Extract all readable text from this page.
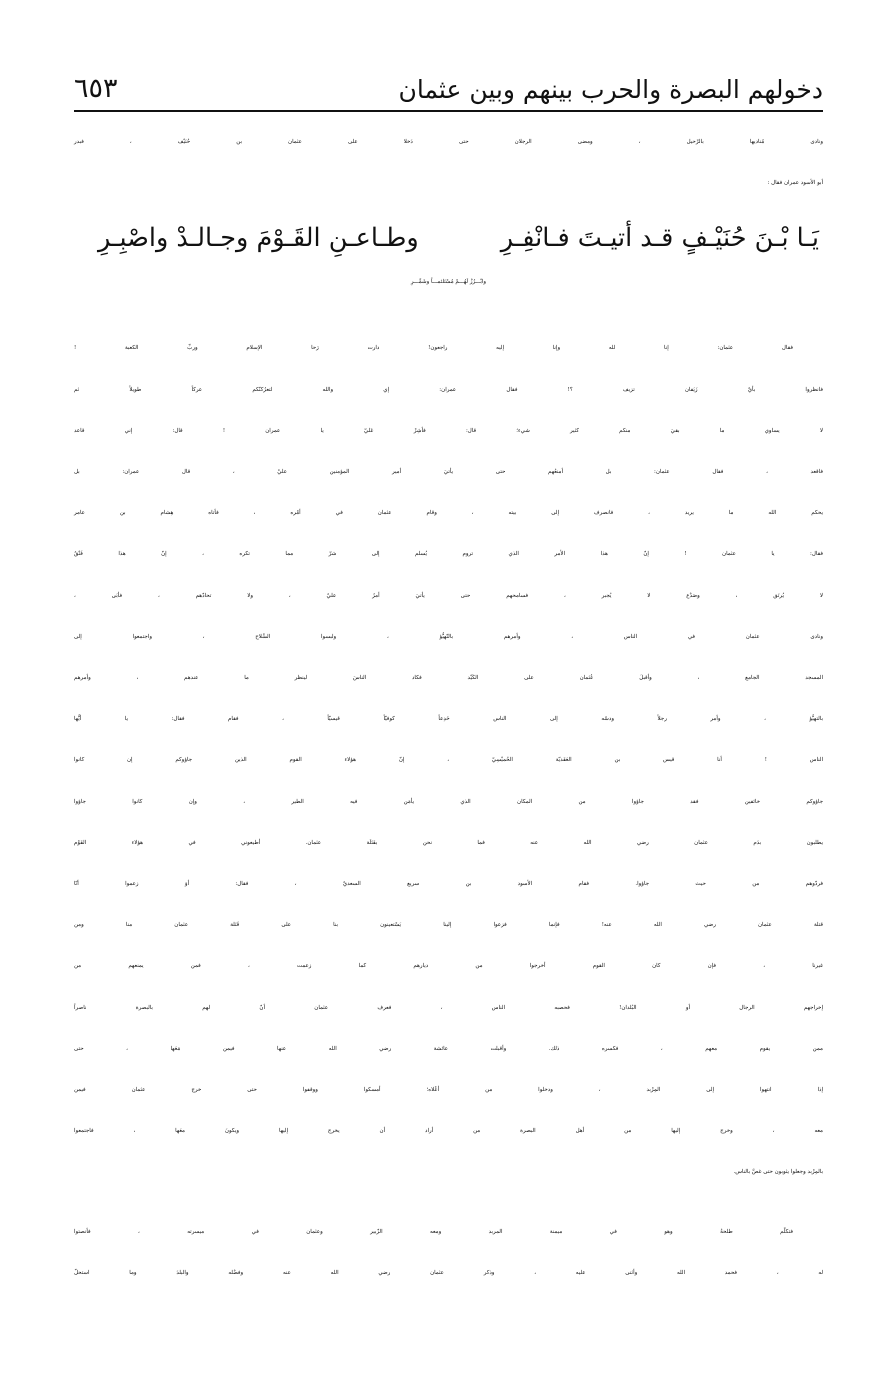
دخولهم البصرة والحرب بينهم وبين عثمان
٦٥٣
ونادى مُناديها بالرّحيل ، ومضى الرجلان حتى دَخلا على عثمان بن حُنَيْف ، فبدر
أبو الأسود عمران فقال :
يَـا بْـنَ حُنَيْـفٍ قـد أتيـتَ فـانْفِـرِ
وطـاعـنِ القَـوْمَ وجـالـدْ واصْبِـرِ
وابْـــرُزْ لَهُـــمْ مُسْتَلئمـــاً وشَمِّـــرِ
فقال عثمان: إنا لله وإنا إليه راجعون! دارت رَحا الإسلام وربِّ الكعبة !
فانظروا بأيّ زَيَفان تزيف ؟! فقال عمران: إي والله لتعرُكنّكم عركاً طويلاً ثم
لا يساوي ما بقيَ منكم كثير شيء؛ قال: فأشِرْ عَليّ يا عمران ! قال: إني قاعد
فاقعد ، فقال عثمان: بل أمنعُهم حتى يأتيَ أمير المؤمنين عليّ ، قال عمران: بل
يحكم الله ما يريد ، فانصرف إلى بيته ، وقام عثمان في أمْره ، فأتاه هِشام بن عامر
فقال: يا عثمان ! إنّ هذا الأمر الذي تروم يُسلم إلى شرّ مما تكره ، إنّ هذا فَتْقٌ
لا يُرتَق ، وصَدْع لا يُجبر ، فسامحهم حتى يأتيَ أمرُ عليّ ، ولا تحادّهم ، فأبَى ،
ونادى عثمان في الناس ، وأمرهم بالتّهيُّؤ ، ولبسوا السِّلاح ، واجتمعوا إلى
المسجد الجامع ، وأقبلَ عُثمان على الكَيْد فكاد الناسَ لينظر ما عندهم ، وأمرهم
بالتهيُّؤ ، وأمر رجلاً ودسّه إلى الناس خَدِعاً كوفيّاً قيسيّاً ، فقام فقال: يا أيُّها
الناس ! أنا قيس بن العَقَديّة الحُميْسِيّ ، إنّ هؤلاء القوم الذين جاؤوكم إن كانوا
جاؤوكم خائفين فقد جاؤوا من المكان الذي يأمَن فيه الطير ، وإن كانوا جاؤوا
يطلبون بدَم عثمان رضي الله عنه فما نحن بقَتَلَة عثمان. أطيعوني في هؤلاء القَوْم
فردّوهم من حيث جاؤوا. فقام الأسود بن سريع السعديّ ، فقال: أوَ زعموا أنّا
قتلة عثمان رضي الله عنه! فإنما فزعوا إلينا يَسْتعينون بنا على قَتَلة عثمان منا ومن
غيرنا ، فإن كان القوم أخرجوا من ديارهم كما زعمت ، فمن يمنعهم من
إخراجهم الرجال أو البُلدان! فحصبه الناس ، فعرف عثمان أنّ لهم بالبصرة ناصراً
ممن يقوم معهم ، فكسره ذلك. وأقبلت عائشة رضي الله عنها فيمن مَعَها ، حتى
إذا انتهوا إلى المِرْبد ، ودخلوا من أعْلاه؛ أمسكوا ووقفوا حتى خرج عثمان فيمن
معه ، وخرج إليها من أهل البصرة من أراد أن يخرج إليها ويكونَ معَها ، فاجتمعوا
بالمِرْبد وجعلوا يثوبون حتى غصَّ بالناس.
فتكلّم طلحةُ وهو في ميمنة المربد ومعه الزّبير وعثمان في ميسرته ، فأنصتوا
له ، فحمد الله وأثنى عليه ، وذكر عثمان رضي الله عنه وفضْله والبلدَ وما استحلّ
